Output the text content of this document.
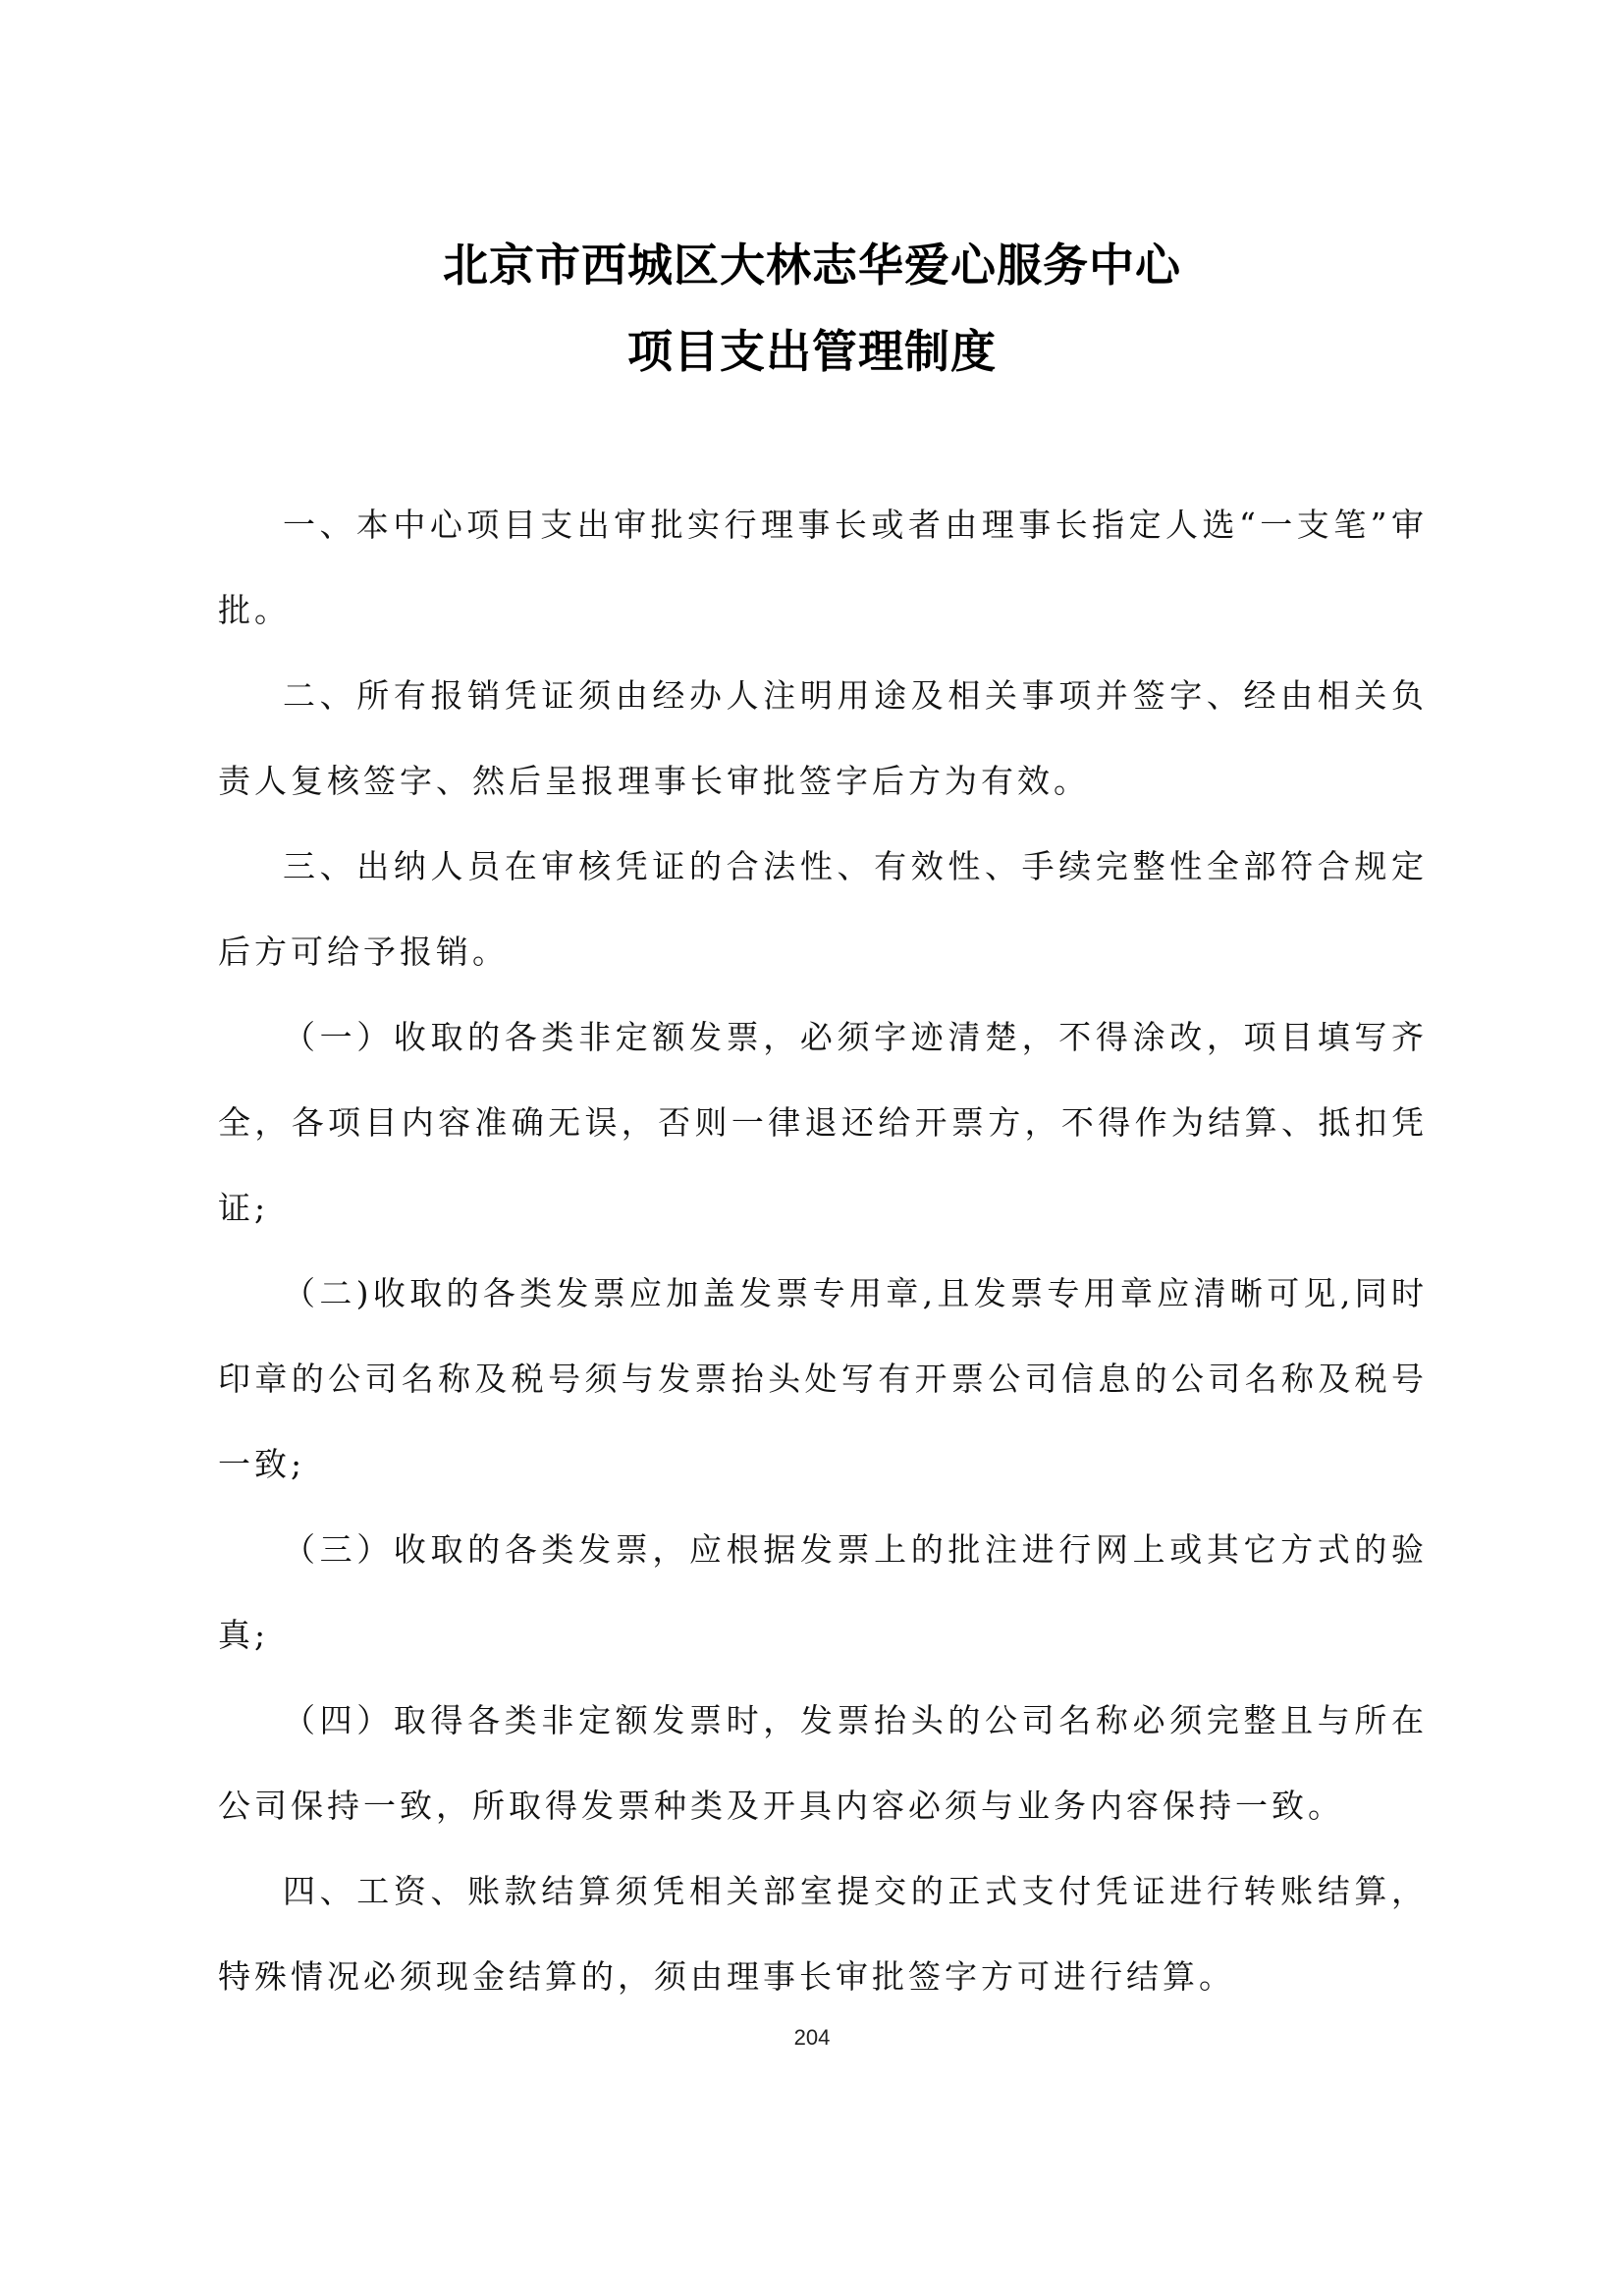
北京市西城区大林志华爱心服务中心
项目支出管理制度

一、本中心项目支出审批实行理事长或者由理事长指定人选“一支笔”审批。

二、所有报销凭证须由经办人注明用途及相关事项并签字、经由相关负责人复核签字、然后呈报理事长审批签字后方为有效。

三、出纳人员在审核凭证的合法性、有效性、手续完整性全部符合规定后方可给予报销。

（一）收取的各类非定额发票，必须字迹清楚，不得涂改，项目填写齐全，各项目内容准确无误，否则一律退还给开票方，不得作为结算、抵扣凭证;

（二)收取的各类发票应加盖发票专用章,且发票专用章应清晰可见,同时印章的公司名称及税号须与发票抬头处写有开票公司信息的公司名称及税号一致;

（三）收取的各类发票，应根据发票上的批注进行网上或其它方式的验真;

（四）取得各类非定额发票时，发票抬头的公司名称必须完整且与所在公司保持一致，所取得发票种类及开具内容必须与业务内容保持一致。

四、工资、账款结算须凭相关部室提交的正式支付凭证进行转账结算，特殊情况必须现金结算的，须由理事长审批签字方可进行结算。

204
